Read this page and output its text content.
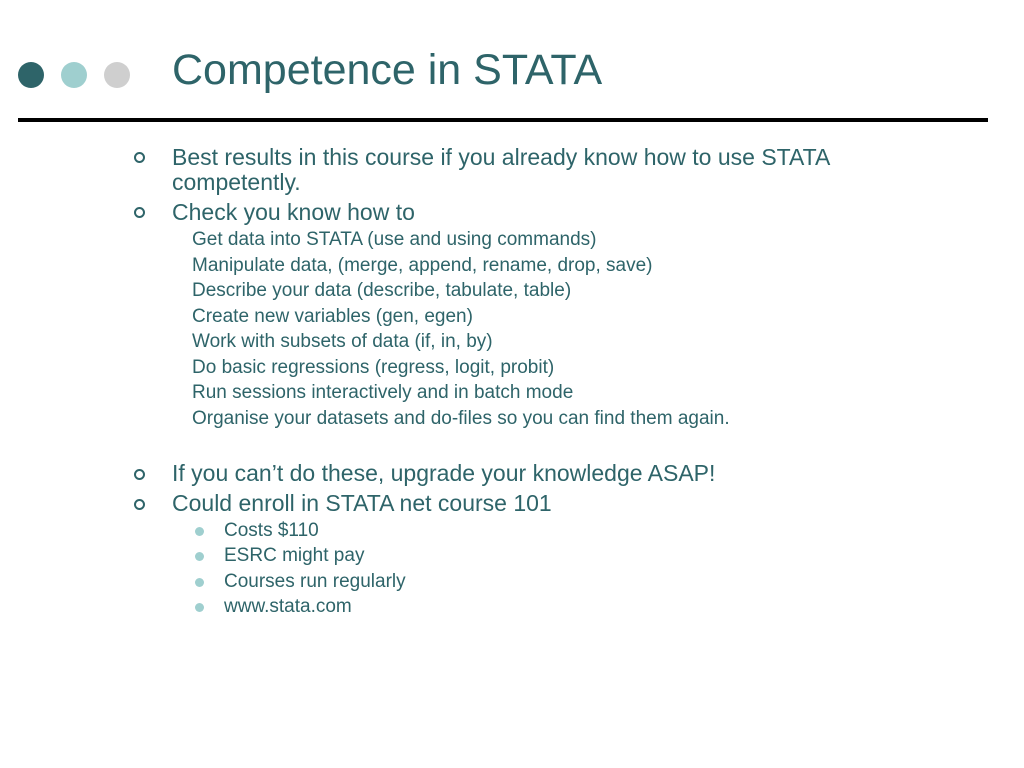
Competence in STATA
Best results in this course if you already know how to use STATA
competently.
Check you know how to
Get data into STATA (use and using commands)
Manipulate data, (merge, append, rename, drop, save)
Describe your data (describe, tabulate, table)
Create new variables (gen, egen)
Work with subsets of data (if, in, by)
Do basic regressions (regress, logit, probit)
Run sessions interactively and in batch mode
Organise your datasets and do-files so you can find them again.
If you can’t do these, upgrade your knowledge ASAP!
Could enroll in STATA net course 101
Costs $110
ESRC might pay
Courses run regularly
www.stata.com
